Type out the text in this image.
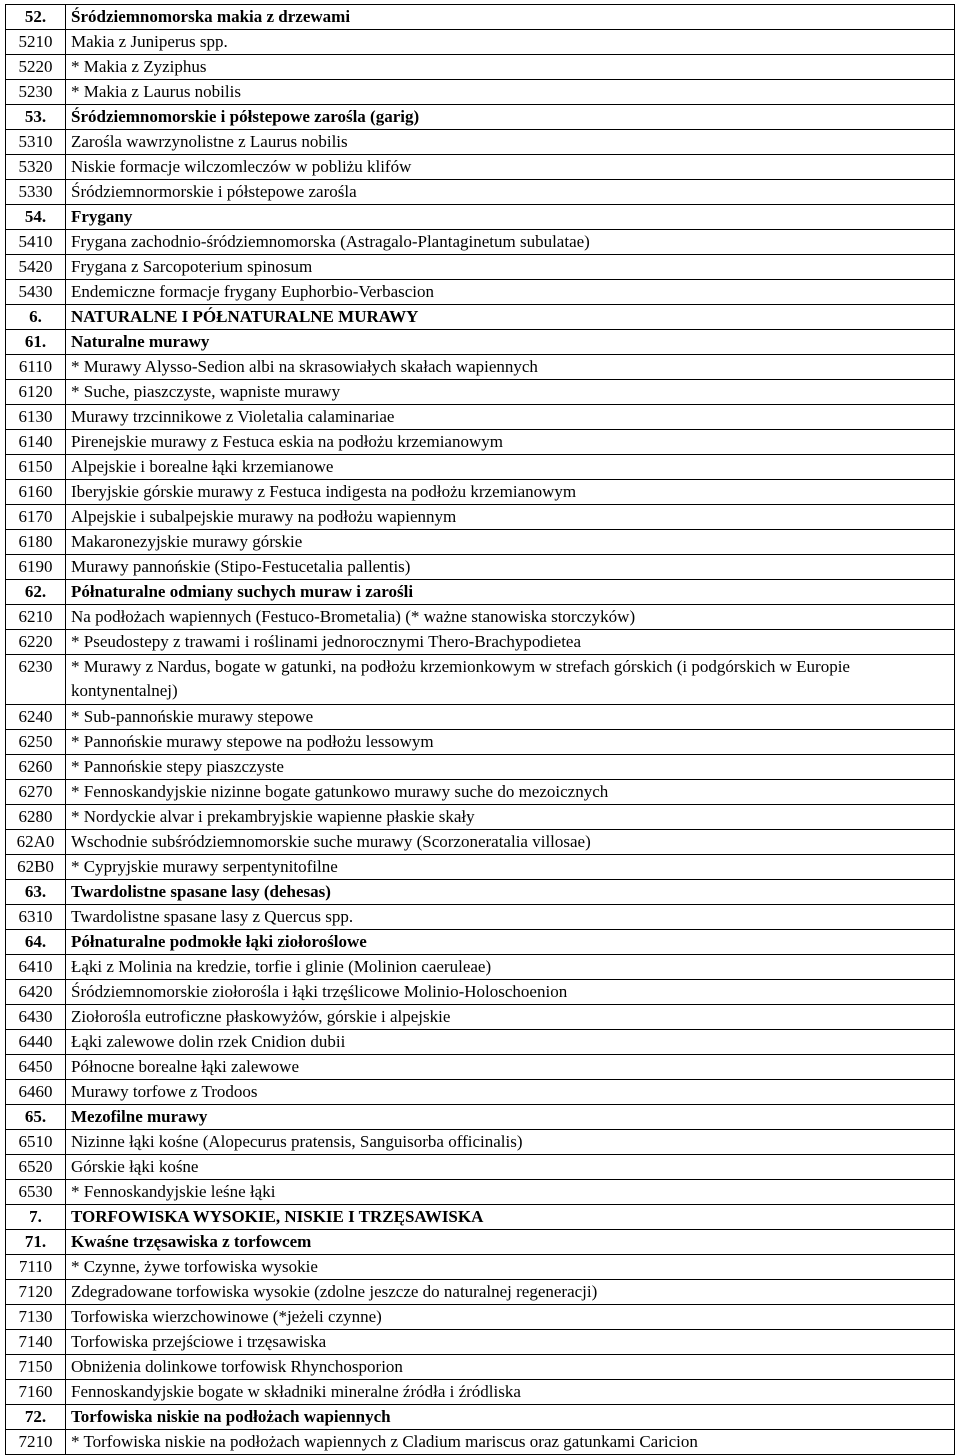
52.	Śródziemnomorska makia z drzewami
5210	Makia z Juniperus spp.
5220	* Makia z Zyziphus
5230	* Makia z Laurus nobilis
53.	Śródziemnomorskie i półstepowe zarośla (garig)
5310	Zarośla wawrzynolistne z Laurus nobilis
5320	Niskie formacje wilczomleczów w pobliżu klifów
5330	Śródziemnormorskie i półstepowe zarośla
54.	Frygany
5410	Frygana zachodnio-śródziemnomorska (Astragalo-Plantaginetum subulatae)
5420	Frygana z Sarcopoterium spinosum
5430	Endemiczne formacje frygany Euphorbio-Verbascion
6.	NATURALNE I PÓŁNATURALNE MURAWY
61.	Naturalne murawy
6110	* Murawy Alysso-Sedion albi na skrasowiałych skałach wapiennych
6120	* Suche, piaszczyste, wapniste murawy
6130	Murawy trzcinnikowe z Violetalia calaminariae
6140	Pirenejskie murawy z Festuca eskia na podłożu krzemianowym
6150	Alpejskie i borealne łąki krzemianowe
6160	Iberyjskie górskie murawy z Festuca indigesta na podłożu krzemianowym
6170	Alpejskie i subalpejskie murawy na podłożu wapiennym
6180	Makaronezyjskie murawy górskie
6190	Murawy pannońskie (Stipo-Festucetalia pallentis)
62.	Półnaturalne odmiany suchych muraw i zarośli
6210	Na podłożach wapiennych (Festuco-Brometalia) (* ważne stanowiska storczyków)
6220	* Pseudostepy z trawami i roślinami jednorocznymi Thero-Brachypodietea
6230	* Murawy z Nardus, bogate w gatunki, na podłożu krzemionkowym w strefach górskich (i podgórskich w Europie kontynentalnej)
6240	* Sub-pannońskie murawy stepowe
6250	* Pannońskie murawy stepowe na podłożu lessowym
6260	* Pannońskie stepy piaszczyste
6270	* Fennoskandyjskie nizinne bogate gatunkowo murawy suche do mezoicznych
6280	* Nordyckie alvar i prekambryjskie wapienne płaskie skały
62A0	Wschodnie subśródziemnomorskie suche murawy (Scorzoneratalia villosae)
62B0	* Cypryjskie murawy serpentynitofilne
63.	Twardolistne spasane lasy (dehesas)
6310	Twardolistne spasane lasy z Quercus spp.
64.	Półnaturalne podmokłe łąki ziołoroślowe
6410	Łąki z Molinia na kredzie, torfie i glinie (Molinion caeruleae)
6420	Śródziemnomorskie ziołorośla i łąki trzęślicowe Molinio-Holoschoenion
6430	Ziołorośla eutroficzne płaskowyżów, górskie i alpejskie
6440	Łąki zalewowe dolin rzek Cnidion dubii
6450	Północne borealne łąki zalewowe
6460	Murawy torfowe z Trodoos
65.	Mezofilne murawy
6510	Nizinne łąki kośne (Alopecurus pratensis, Sanguisorba officinalis)
6520	Górskie łąki kośne
6530	* Fennoskandyjskie leśne łąki
7.	TORFOWISKA WYSOKIE, NISKIE I TRZĘSAWISKA
71.	Kwaśne trzęsawiska z torfowcem
7110	* Czynne, żywe torfowiska wysokie
7120	Zdegradowane torfowiska wysokie (zdolne jeszcze do naturalnej regeneracji)
7130	Torfowiska wierzchowinowe (*jeżeli czynne)
7140	Torfowiska przejściowe i trzęsawiska
7150	Obniżenia dolinkowe torfowisk Rhynchosporion
7160	Fennoskandyjskie bogate w składniki mineralne źródła i źródliska
72.	Torfowiska niskie na podłożach wapiennych
7210	* Torfowiska niskie na podłożach wapiennych z Cladium mariscus oraz gatunkami Caricion
